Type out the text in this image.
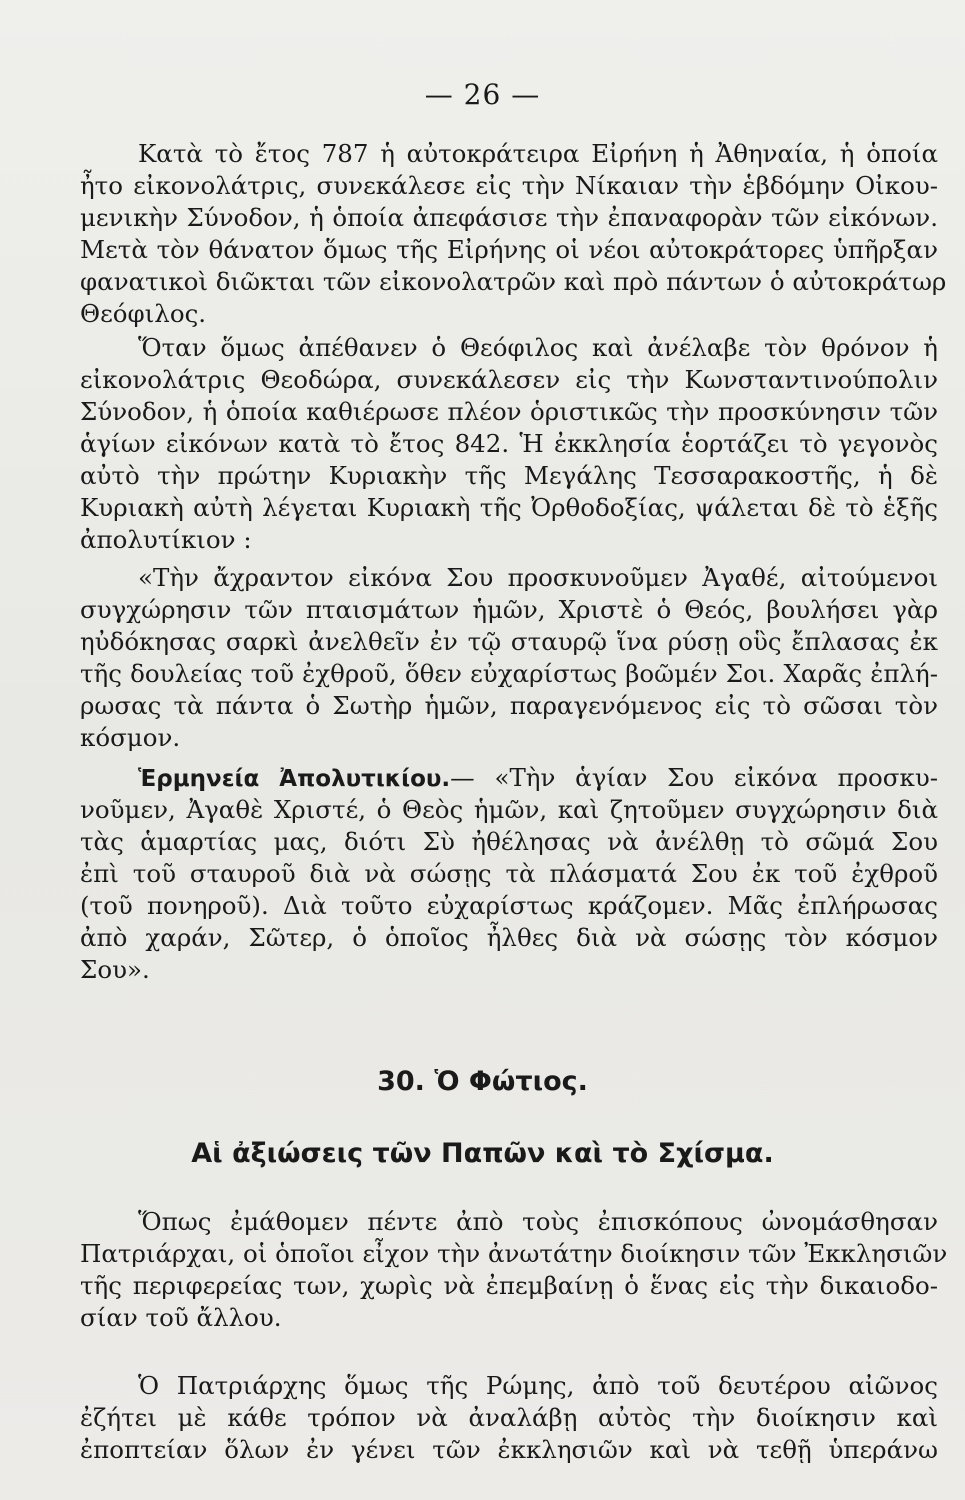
— 26 —
Κατὰ τὸ ἔτος 787 ἡ αὐτοκράτειρα Εἰρήνη ἡ Ἀθηναία, ἡ ὁποία
ἦτο εἰκονολάτρις, συνεκάλεσε εἰς τὴν Νίκαιαν τὴν ἑβδόμην Οἰκου-
μενικὴν Σύνοδον, ἡ ὁποία ἀπεφάσισε τὴν ἐπαναφορὰν τῶν εἰκόνων.
Μετὰ τὸν θάνατον ὅμως τῆς Εἰρήνης οἱ νέοι αὐτοκράτορες ὑπῆρξαν
φανατικοὶ διῶκται τῶν εἰκονολατρῶν καὶ πρὸ πάντων ὁ αὐτοκράτωρ
Θεόφιλος.
Ὅταν ὅμως ἀπέθανεν ὁ Θεόφιλος καὶ ἀνέλαβε τὸν θρόνον ἡ
εἰκονολάτρις Θεοδώρα, συνεκάλεσεν εἰς τὴν Κωνσταντινούπολιν
Σύνοδον, ἡ ὁποία καθιέρωσε πλέον ὁριστικῶς τὴν προσκύνησιν τῶν
ἁγίων εἰκόνων κατὰ τὸ ἔτος 842. Ἡ ἐκκλησία ἑορτάζει τὸ γεγονὸς
αὐτὸ τὴν πρώτην Κυριακὴν τῆς Μεγάλης Τεσσαρακοστῆς, ἡ δὲ
Κυριακὴ αὐτὴ λέγεται Κυριακὴ τῆς Ὀρθοδοξίας, ψάλεται δὲ τὸ ἑξῆς
ἀπολυτίκιον :
«Τὴν ἄχραντον εἰκόνα Σου προσκυνοῦμεν Ἀγαθέ, αἰτούμενοι
συγχώρησιν τῶν πταισμάτων ἡμῶν, Χριστὲ ὁ Θεός, βουλήσει γὰρ
ηὐδόκησας σαρκὶ ἀνελθεῖν ἐν τῷ σταυρῷ ἵνα ρύσῃ οὓς ἔπλασας ἐκ
τῆς δουλείας τοῦ ἐχθροῦ, ὅθεν εὐχαρίστως βοῶμέν Σοι. Χαρᾶς ἐπλή-
ρωσας τὰ πάντα ὁ Σωτὴρ ἡμῶν, παραγενόμενος εἰς τὸ σῶσαι τὸν
κόσμον.
Ἑρμηνεία Ἀπολυτικίου.— «Τὴν ἁγίαν Σου εἰκόνα προσκυ-
νοῦμεν, Ἀγαθὲ Χριστέ, ὁ Θεὸς ἡμῶν, καὶ ζητοῦμεν συγχώρησιν διὰ
τὰς ἁμαρτίας μας, διότι Σὺ ἠθέλησας νὰ ἀνέλθῃ τὸ σῶμά Σου
ἐπὶ τοῦ σταυροῦ διὰ νὰ σώσῃς τὰ πλάσματά Σου ἐκ τοῦ ἐχθροῦ
(τοῦ πονηροῦ). Διὰ τοῦτο εὐχαρίστως κράζομεν. Μᾶς ἐπλήρωσας
ἀπὸ χαράν, Σῶτερ, ὁ ὁποῖος ἦλθες διὰ νὰ σώσῃς τὸν κόσμον
Σου».
30. Ὁ Φώτιος.
Αἱ ἀξιώσεις τῶν Παπῶν καὶ τὸ Σχίσμα.
Ὅπως ἐμάθομεν πέντε ἀπὸ τοὺς ἐπισκόπους ὠνομάσθησαν
Πατριάρχαι, οἱ ὁποῖοι εἶχον τὴν ἀνωτάτην διοίκησιν τῶν Ἐκκλησιῶν
τῆς περιφερείας των, χωρὶς νὰ ἐπεμβαίνῃ ὁ ἕνας εἰς τὴν δικαιοδο-
σίαν τοῦ ἄλλου.
Ὁ Πατριάρχης ὅμως τῆς Ρώμης, ἀπὸ τοῦ δευτέρου αἰῶνος
ἐζήτει μὲ κάθε τρόπον νὰ ἀναλάβῃ αὐτὸς τὴν διοίκησιν καὶ
ἐποπτείαν ὅλων ἐν γένει τῶν ἐκκλησιῶν καὶ νὰ τεθῇ ὑπεράνω
